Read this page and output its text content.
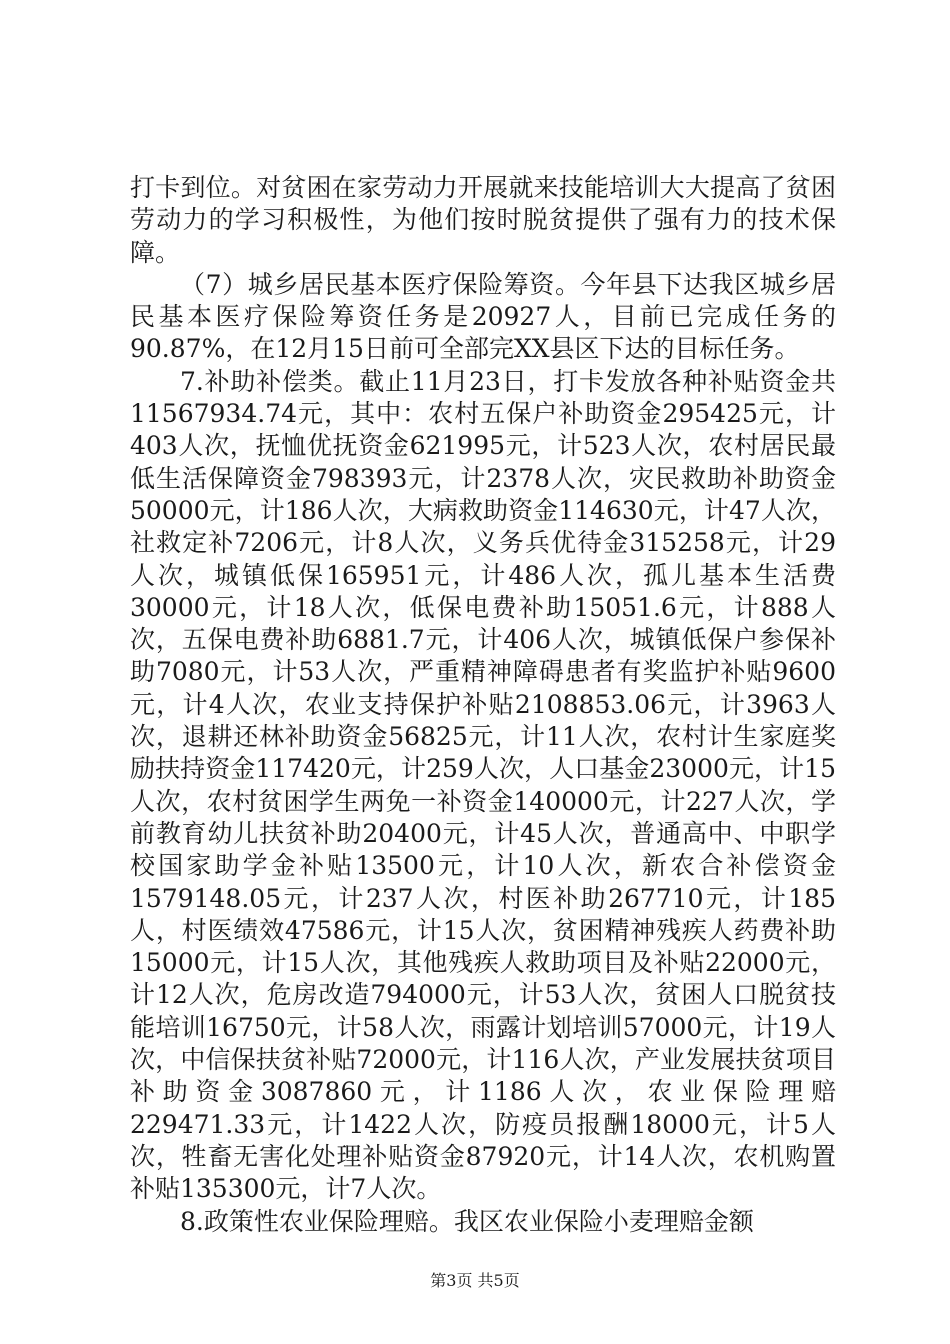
打卡到位。对贫困在家劳动力开展就来技能培训大大提高了贫困劳动力的学习积极性，为他们按时脱贫提供了强有力的技术保障。

（7）城乡居民基本医疗保险筹资。今年县下达我区城乡居民基本医疗保险筹资任务是20927人，目前已完成任务的90.87%，在12月15日前可全部完XX县区下达的目标任务。

7.补助补偿类。截止11月23日，打卡发放各种补贴资金共11567934.74元，其中：农村五保户补助资金295425元，计403人次，抚恤优抚资金621995元，计523人次，农村居民最低生活保障资金798393元，计2378人次，灾民救助补助资金50000元，计186人次，大病救助资金114630元，计47人次，社救定补7206元，计8人次，义务兵优待金315258元，计29人次，城镇低保165951元，计486人次，孤儿基本生活费30000元，计18人次，低保电费补助15051.6元，计888人次，五保电费补助6881.7元，计406人次，城镇低保户参保补助7080元，计53人次，严重精神障碍患者有奖监护补贴9600元，计4人次，农业支持保护补贴2108853.06元，计3963人次，退耕还林补助资金56825元，计11人次，农村计生家庭奖励扶持资金117420元，计259人次，人口基金23000元，计15人次，农村贫困学生两免一补资金140000元，计227人次，学前教育幼儿扶贫补助20400元，计45人次，普通高中、中职学校国家助学金补贴13500元，计10人次，新农合补偿资金1579148.05元，计237人次，村医补助267710元，计185人，村医绩效47586元，计15人次，贫困精神残疾人药费补助15000元，计15人次，其他残疾人救助项目及补贴22000元，计12人次，危房改造794000元，计53人次，贫困人口脱贫技能培训16750元，计58人次，雨露计划培训57000元，计19人次，中信保扶贫补贴72000元，计116人次，产业发展扶贫项目补助资金3087860元，计1186人次，农业保险理赔229471.33元，计1422人次，防疫员报酬18000元，计5人次，牲畜无害化处理补贴资金87920元，计14人次，农机购置补贴135300元，计7人次。

8.政策性农业保险理赔。我区农业保险小麦理赔金额

第3页 共5页
